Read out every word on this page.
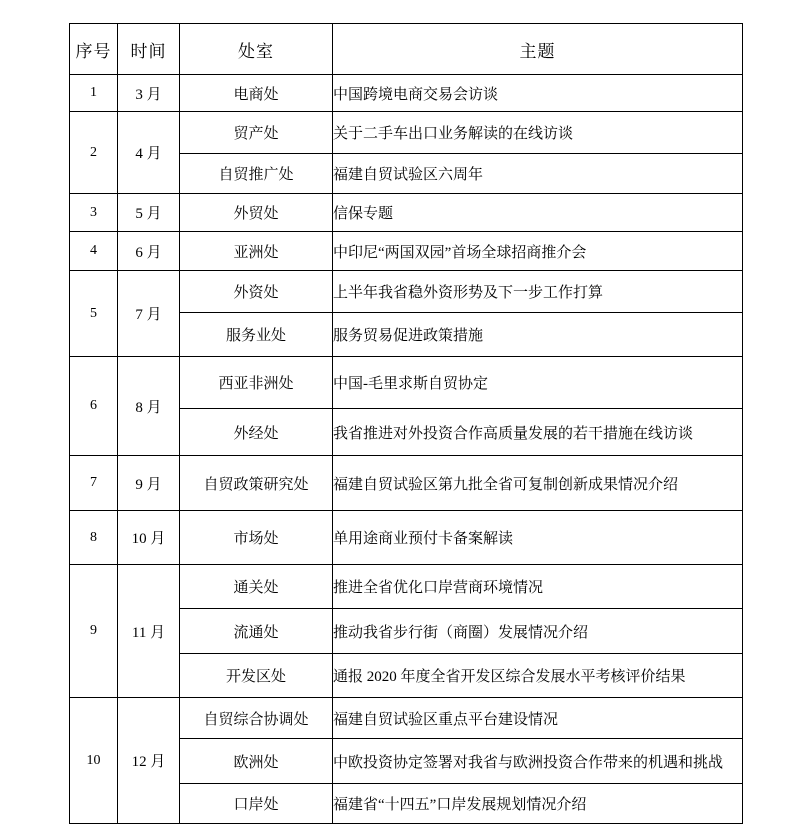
序号	时间	处室	主题
1	3 月	电商处	中国跨境电商交易会访谈
2	4 月	贸产处	关于二手车出口业务解读的在线访谈
		自贸推广处	福建自贸试验区六周年
3	5 月	外贸处	信保专题
4	6 月	亚洲处	中印尼“两国双园”首场全球招商推介会
5	7 月	外资处	上半年我省稳外资形势及下一步工作打算
		服务业处	服务贸易促进政策措施
6	8 月	西亚非洲处	中国-毛里求斯自贸协定
		外经处	我省推进对外投资合作高质量发展的若干措施在线访谈
7	9 月	自贸政策研究处	福建自贸试验区第九批全省可复制创新成果情况介绍
8	10 月	市场处	单用途商业预付卡备案解读
9	11 月	通关处	推进全省优化口岸营商环境情况
		流通处	推动我省步行街（商圈）发展情况介绍
		开发区处	通报 2020 年度全省开发区综合发展水平考核评价结果
10	12 月	自贸综合协调处	福建自贸试验区重点平台建设情况
		欧洲处	中欧投资协定签署对我省与欧洲投资合作带来的机遇和挑战
		口岸处	福建省“十四五”口岸发展规划情况介绍
